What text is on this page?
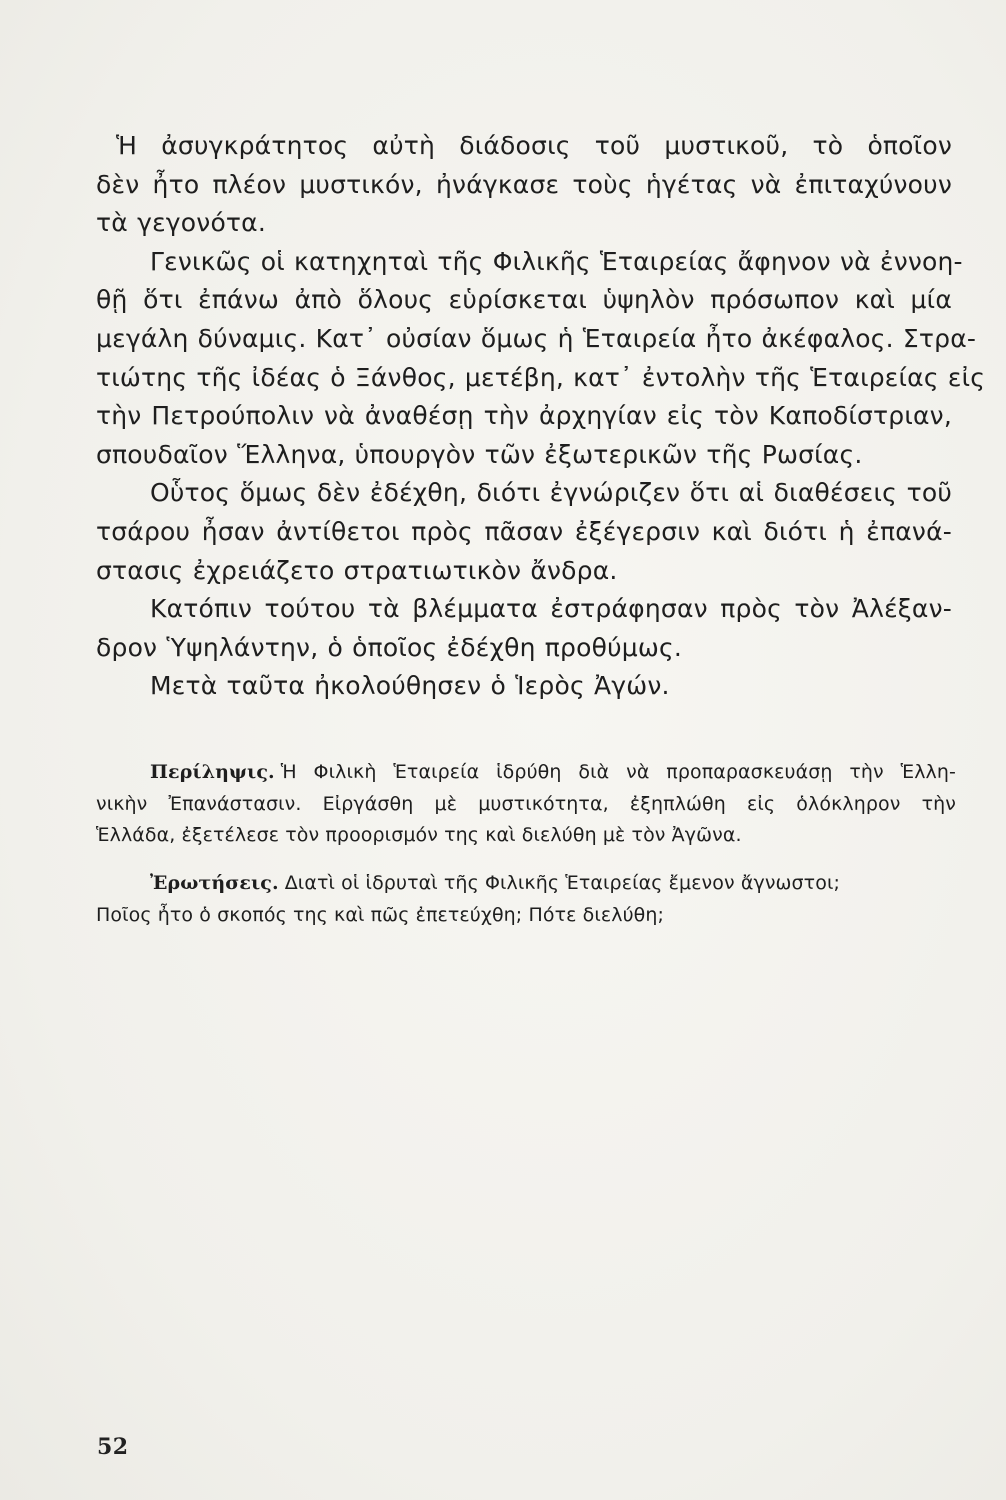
Ἡ ἀσυγκράτητος αὐτὴ διάδοσις τοῦ μυστικοῦ, τὸ ὁποῖον
δὲν ἦτο πλέον μυστικόν, ἠνάγκασε τοὺς ἡγέτας νὰ ἐπιταχύνουν
τὰ γεγονότα.

Γενικῶς οἱ κατηχηταὶ τῆς Φιλικῆς Ἑταιρείας ἄφηνον νὰ ἐννοη-
θῇ ὅτι ἐπάνω ἀπὸ ὅλους εὑρίσκεται ὑψηλὸν πρόσωπον καὶ μία
μεγάλη δύναμις. Κατ᾽ οὐσίαν ὅμως ἡ Ἑταιρεία ἦτο ἀκέφαλος. Στρα-
τιώτης τῆς ἰδέας ὁ Ξάνθος, μετέβη, κατ᾽ ἐντολὴν τῆς Ἑταιρείας εἰς
τὴν Πετρούπολιν νὰ ἀναθέσῃ τὴν ἀρχηγίαν εἰς τὸν Καποδίστριαν,
σπουδαῖον Ἕλληνα, ὑπουργὸν τῶν ἐξωτερικῶν τῆς Ρωσίας.

Οὗτος ὅμως δὲν ἐδέχθη, διότι ἐγνώριζεν ὅτι αἱ διαθέσεις τοῦ
τσάρου ἦσαν ἀντίθετοι πρὸς πᾶσαν ἐξέγερσιν καὶ διότι ἡ ἐπανά-
στασις ἐχρειάζετο στρατιωτικὸν ἄνδρα.

Κατόπιν τούτου τὰ βλέμματα ἐστράφησαν πρὸς τὸν Ἀλέξαν-
δρον Ὑψηλάντην, ὁ ὁποῖος ἐδέχθη προθύμως.

Μετὰ ταῦτα ἠκολούθησεν ὁ Ἱερὸς Ἀγών.

Περίληψις. Ἡ Φιλικὴ Ἑταιρεία ἱδρύθη διὰ νὰ προπαρασκευάσῃ τὴν Ἑλλη-
νικὴν Ἐπανάστασιν. Εἰργάσθη μὲ μυστικότητα, ἐξηπλώθη εἰς ὁλόκληρον τὴν
Ἑλλάδα, ἐξετέλεσε τὸν προορισμόν της καὶ διελύθη μὲ τὸν Ἀγῶνα.

Ἐρωτήσεις. Διατὶ οἱ ἱδρυταὶ τῆς Φιλικῆς Ἑταιρείας ἔμενον ἄγνωστοι;
Ποῖος ἦτο ὁ σκοπός της καὶ πῶς ἐπετεύχθη; Πότε διελύθη;

52
